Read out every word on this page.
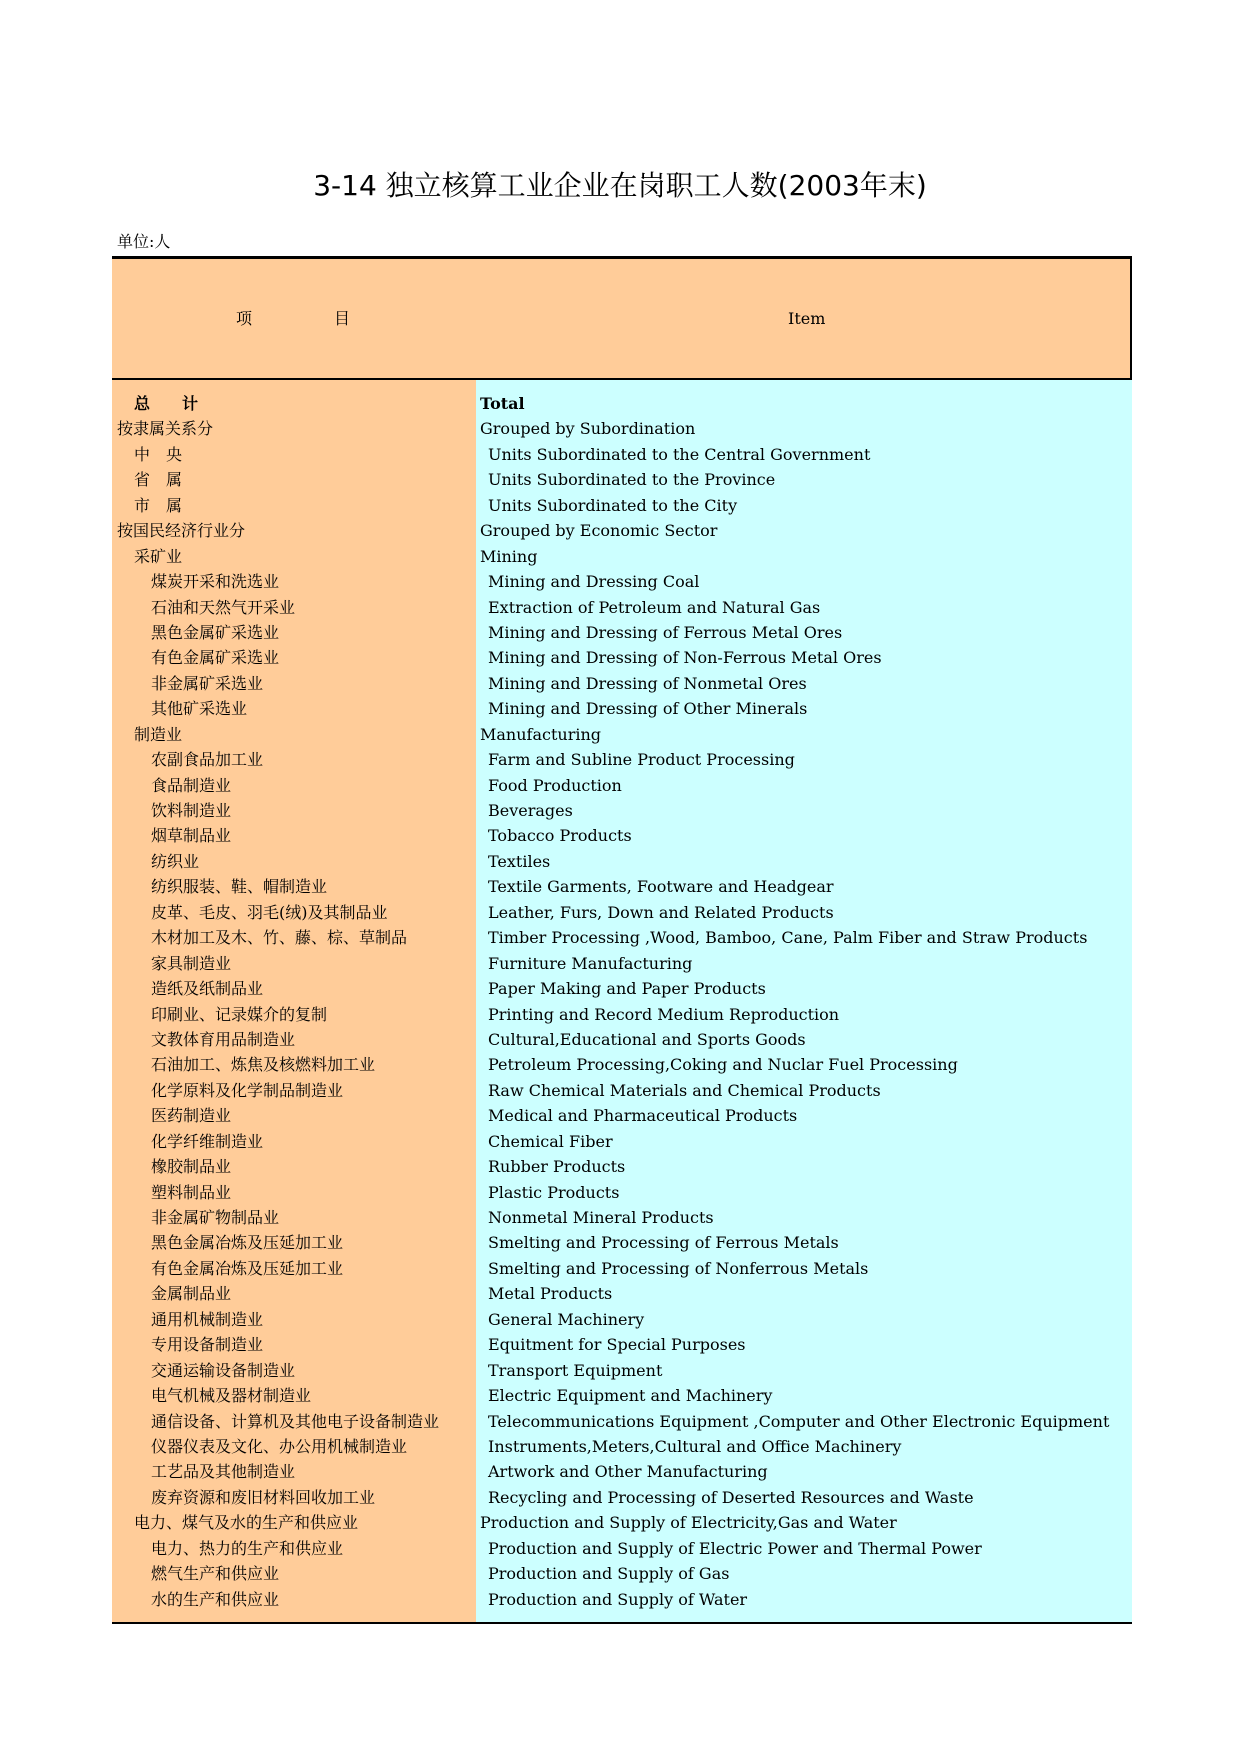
3-14 独立核算工业企业在岗职工人数(2003年末)
单位:人
项	目	Item
总　　计
按隶属关系分
中　央
省　属
市　属
按国民经济行业分
采矿业
煤炭开采和洗选业
石油和天然气开采业
黑色金属矿采选业
有色金属矿采选业
非金属矿采选业
其他矿采选业
制造业
农副食品加工业
食品制造业
饮料制造业
烟草制品业
纺织业
纺织服装、鞋、帽制造业
皮革、毛皮、羽毛(绒)及其制品业
木材加工及木、竹、藤、棕、草制品
家具制造业
造纸及纸制品业
印刷业、记录媒介的复制
文教体育用品制造业
石油加工、炼焦及核燃料加工业
化学原料及化学制品制造业
医药制造业
化学纤维制造业
橡胶制品业
塑料制品业
非金属矿物制品业
黑色金属冶炼及压延加工业
有色金属冶炼及压延加工业
金属制品业
通用机械制造业
专用设备制造业
交通运输设备制造业
电气机械及器材制造业
通信设备、计算机及其他电子设备制造业
仪器仪表及文化、办公用机械制造业
工艺品及其他制造业
废弃资源和废旧材料回收加工业
电力、煤气及水的生产和供应业
电力、热力的生产和供应业
燃气生产和供应业
水的生产和供应业
Total
Grouped by Subordination
Units Subordinated to the Central Government
Units Subordinated to the Province
Units Subordinated to the City
Grouped by Economic Sector
Mining
Mining and Dressing Coal
Extraction of Petroleum and Natural Gas
Mining and Dressing of Ferrous Metal Ores
Mining and Dressing of Non-Ferrous Metal Ores
Mining and Dressing of Nonmetal Ores
Mining and Dressing of Other Minerals
Manufacturing
Farm and Subline Product Processing
Food Production
Beverages
Tobacco Products
Textiles
Textile Garments, Footware and Headgear
Leather, Furs, Down and Related Products
Timber Processing ,Wood, Bamboo, Cane, Palm Fiber and Straw Products
Furniture Manufacturing
Paper Making and Paper Products
Printing and Record Medium Reproduction
Cultural,Educational and Sports Goods
Petroleum Processing,Coking and Nuclar Fuel Processing
Raw Chemical Materials and Chemical Products
Medical and Pharmaceutical Products
Chemical Fiber
Rubber Products
Plastic Products
Nonmetal Mineral Products
Smelting and Processing of Ferrous Metals
Smelting and Processing of Nonferrous Metals
Metal Products
General Machinery
Equitment for Special Purposes
Transport Equipment
Electric Equipment and Machinery
Telecommunications Equipment ,Computer and Other Electronic Equipment
Instruments,Meters,Cultural and Office Machinery
Artwork and Other Manufacturing
Recycling and Processing of Deserted Resources and Waste
Production and Supply of Electricity,Gas and Water
Production and Supply of Electric Power and Thermal Power
Production and Supply of Gas
Production and Supply of Water
